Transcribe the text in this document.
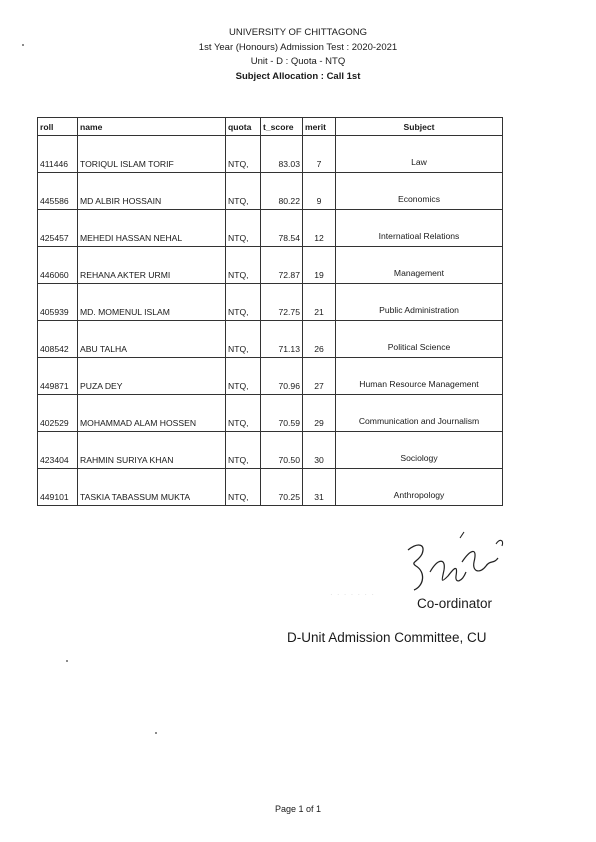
UNIVERSITY OF CHITTAGONG
1st Year (Honours) Admission Test : 2020-2021
Unit - D : Quota - NTQ
Subject Allocation : Call 1st
roll	name	quota	t_score	merit	Subject
411446	TORIQUL ISLAM TORIF	NTQ,	83.03	7	Law
445586	MD ALBIR HOSSAIN	NTQ,	80.22	9	Economics
425457	MEHEDI HASSAN NEHAL	NTQ,	78.54	12	Internatioal Relations
446060	REHANA AKTER URMI	NTQ,	72.87	19	Management
405939	MD. MOMENUL ISLAM	NTQ,	72.75	21	Public Administration
408542	ABU TALHA	NTQ,	71.13	26	Political Science
449871	PUZA DEY	NTQ,	70.96	27	Human Resource Management
402529	MOHAMMAD ALAM HOSSEN	NTQ,	70.59	29	Communication and Journalism
423404	RAHMIN SURIYA KHAN	NTQ,	70.50	30	Sociology
449101	TASKIA TABASSUM MUKTA	NTQ,	70.25	31	Anthropology
· · · · · · ·
Co-ordinator
D-Unit Admission Committee, CU
Page 1 of 1
